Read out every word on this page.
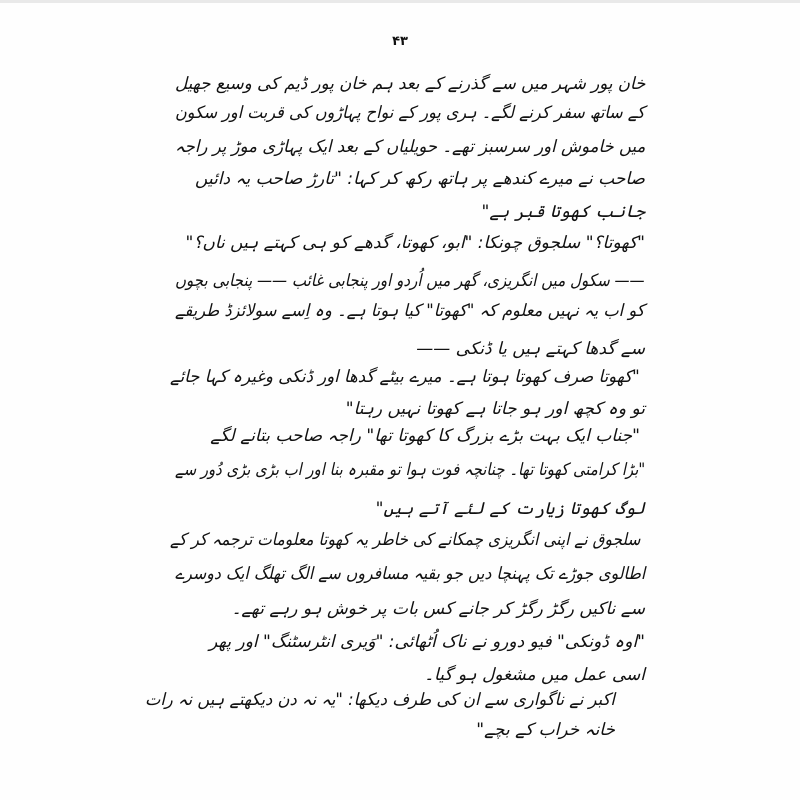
۴۳
خان پور شہر میں سے گذرنے کے بعد ہم خان پور ڈیم کی وسیع جھیل
کے ساتھ سفر کرنے لگے۔ ہری پور کے نواح پہاڑوں کی قربت اور سکون
میں خاموش اور سرسبز تھے۔ حویلیاں کے بعد ایک پہاڑی موڑ پر راجہ
صاحب نے میرے کندھے پر ہاتھ رکھ کر کہا: "تارڑ صاحب یہ دائیں
جانب کھوتا قبر ہے"
"کھوتا؟" سلجوق چونکا: "ابو، کھوتا، گدھے کو ہی کہتے ہیں ناں؟"
—— سکول میں انگریزی، گھر میں اُردو اور پنجابی غائب —— پنجابی بچوں
کو اب یہ نہیں معلوم کہ "کھوتا" کیا ہوتا ہے۔ وہ اِسے سولائزڈ طریقے
سے گدھا کہتے ہیں یا ڈنکی ——
"کھوتا صرف کھوتا ہوتا ہے۔ میرے بیٹے گدھا اور ڈنکی وغیرہ کہا جائے
تو وہ کچھ اور ہو جاتا ہے کھوتا نہیں رہتا"
"جناب ایک بہت بڑے بزرگ کا کھوتا تھا" راجہ صاحب بتانے لگے
"بڑا کرامتی کھوتا تھا۔ چنانچہ فوت ہوا تو مقبرہ بنا اور اب بڑی بڑی دُور سے
لوگ کھوتا زیارت کے لئے آتے ہیں"
سلجوق نے اپنی انگریزی چمکانے کی خاطر یہ کھوتا معلومات ترجمہ کر کے
اطالوی جوڑے تک پہنچا دیں جو بقیہ مسافروں سے الگ تھلگ ایک دوسرے
سے ناکیں رگڑ رگڑ کر جانے کس بات پر خوش ہو رہے تھے۔
"اوہ ڈونکی" فیو دورو نے ناک اُٹھائی: "وَیری انٹرسٹنگ" اور پھر
اسی عمل میں مشغول ہو گیا۔
اکبر نے ناگواری سے ان کی طرف دیکھا: "یہ نہ دن دیکھتے ہیں نہ رات
خانہ خراب کے بچے"
